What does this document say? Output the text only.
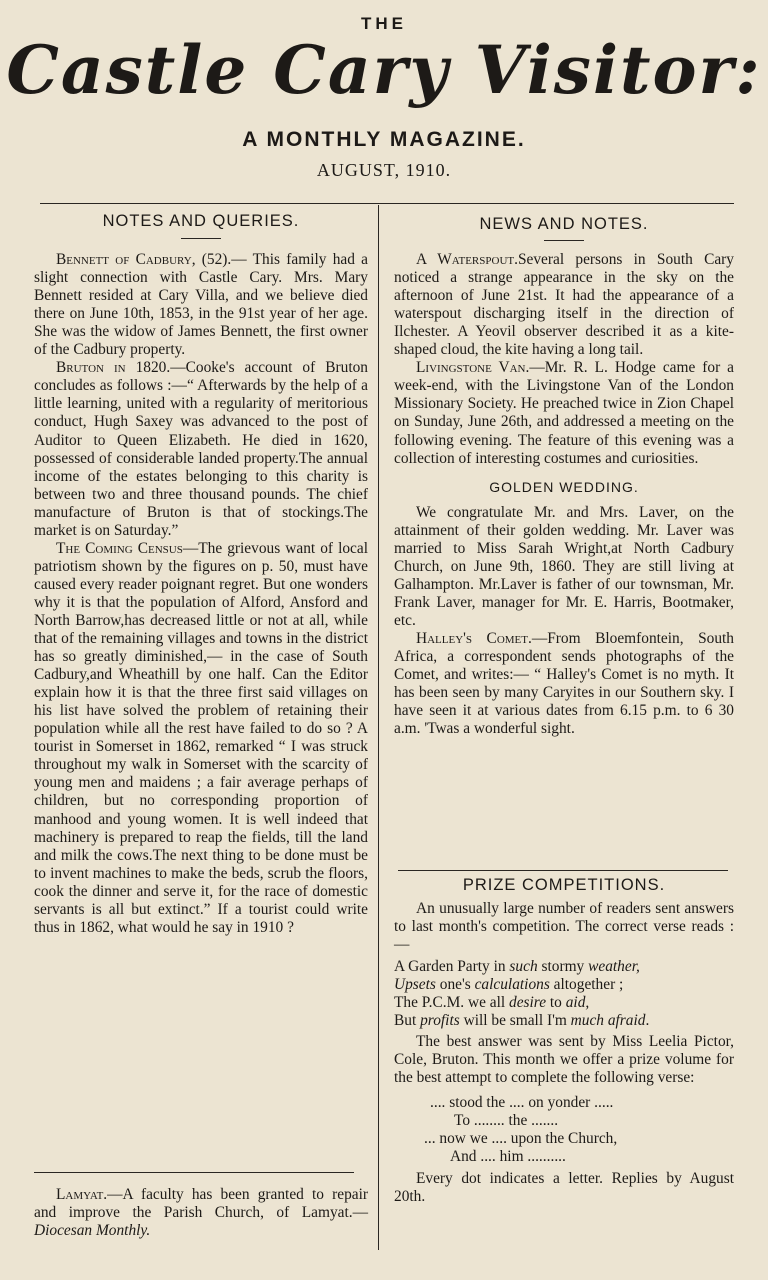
THE
Castle Cary Visitor:
A MONTHLY MAGAZINE.
AUGUST, 1910.
NOTES AND QUERIES.

Bennett of Cadbury, (52).— This family had a slight connection with Castle Cary. Mrs. Mary Bennett resided at Cary Villa, and we believe died there on June 10th, 1853, in the 91st year of her age. She was the widow of James Bennett, the first owner of the Cadbury property.

Bruton in 1820.—Cooke's account of Bruton concludes as follows :—“ Afterwards by the help of a little learning, united with a regularity of meritorious conduct, Hugh Saxey was advanced to the post of Auditor to Queen Elizabeth. He died in 1620, possessed of considerable landed property.The annual income of the estates belonging to this charity is between two and three thousand pounds. The chief manufacture of Bruton is that of stockings.The market is on Saturday.”

The Coming Census—The grievous want of local patriotism shown by the figures on p. 50, must have caused every reader poignant regret. But one wonders why it is that the population of Alford, Ansford and North Barrow,has decreased little or not at all, while that of the remaining villages and towns in the district has so greatly diminished,— in the case of South Cadbury,and Wheathill by one half. Can the Editor explain how it is that the three first said villages on his list have solved the problem of retaining their population while all the rest have failed to do so ? A tourist in Somerset in 1862, remarked “ I was struck throughout my walk in Somerset with the scarcity of young men and maidens ; a fair average perhaps of children, but no corresponding proportion of manhood and young women. It is well indeed that machinery is prepared to reap the fields, till the land and milk the cows.The next thing to be done must be to invent machines to make the beds, scrub the floors, cook the dinner and serve it, for the race of domestic servants is all but extinct.” If a tourist could write thus in 1862, what would he say in 1910 ?

Lamyat.—A faculty has been granted to repair and improve the Parish Church, of Lamyat.—Diocesan Monthly.

NEWS AND NOTES.

A Waterspout.Several persons in South Cary noticed a strange appearance in the sky on the afternoon of June 21st. It had the appearance of a waterspout discharging itself in the direction of Ilchester. A Yeovil observer described it as a kite-shaped cloud, the kite having a long tail.

Livingstone Van.—Mr. R. L. Hodge came for a week-end, with the Livingstone Van of the London Missionary Society. He preached twice in Zion Chapel on Sunday, June 26th, and addressed a meeting on the following evening. The feature of this evening was a collection of interesting costumes and curiosities.

GOLDEN WEDDING.

We congratulate Mr. and Mrs. Laver, on the attainment of their golden wedding. Mr. Laver was married to Miss Sarah Wright,at North Cadbury Church, on June 9th, 1860. They are still living at Galhampton. Mr.Laver is father of our townsman, Mr. Frank Laver, manager for Mr. E. Harris, Bootmaker, etc.

Halley's Comet.—From Bloemfontein, South Africa, a correspondent sends photographs of the Comet, and writes:— “ Halley's Comet is no myth. It has been seen by many Caryites in our Southern sky. I have seen it at various dates from 6.15 p.m. to 6 30 a.m. 'Twas a wonderful sight.

PRIZE COMPETITIONS.

An unusually large number of readers sent answers to last month's competition. The correct verse reads :—

A Garden Party in such stormy weather,
Upsets one's calculations altogether ;
The P.C.M. we all desire to aid,
But profits will be small I'm much afraid.

The best answer was sent by Miss Leelia Pictor, Cole, Bruton. This month we offer a prize volume for the best attempt to complete the following verse:

.... stood the .... on yonder .....
To ........ the .......
... now we .... upon the Church,
And .... him ..........

Every dot indicates a letter. Replies by August 20th.
